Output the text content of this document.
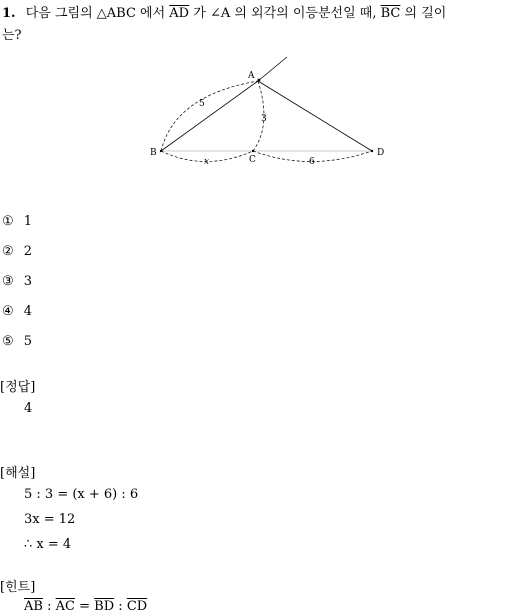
1. 다음 그림의 △ABC 에서 $\overline{AD}$ 가 ∠A 의 외각의 이등분선일 때, $\overline{BC}$ 의 길이
는?
A
B
C
D
5
3
x	6
① 1
② 2
③ 3
④ 4
⑤ 5
[정답]
4
[해설]
5 : 3 = (x + 6) : 6
3x = 12
∴ x = 4
[힌트]
$\overline{AB}$ : $\overline{AC} = \overline{BD}$ : $\overline{CD}$
